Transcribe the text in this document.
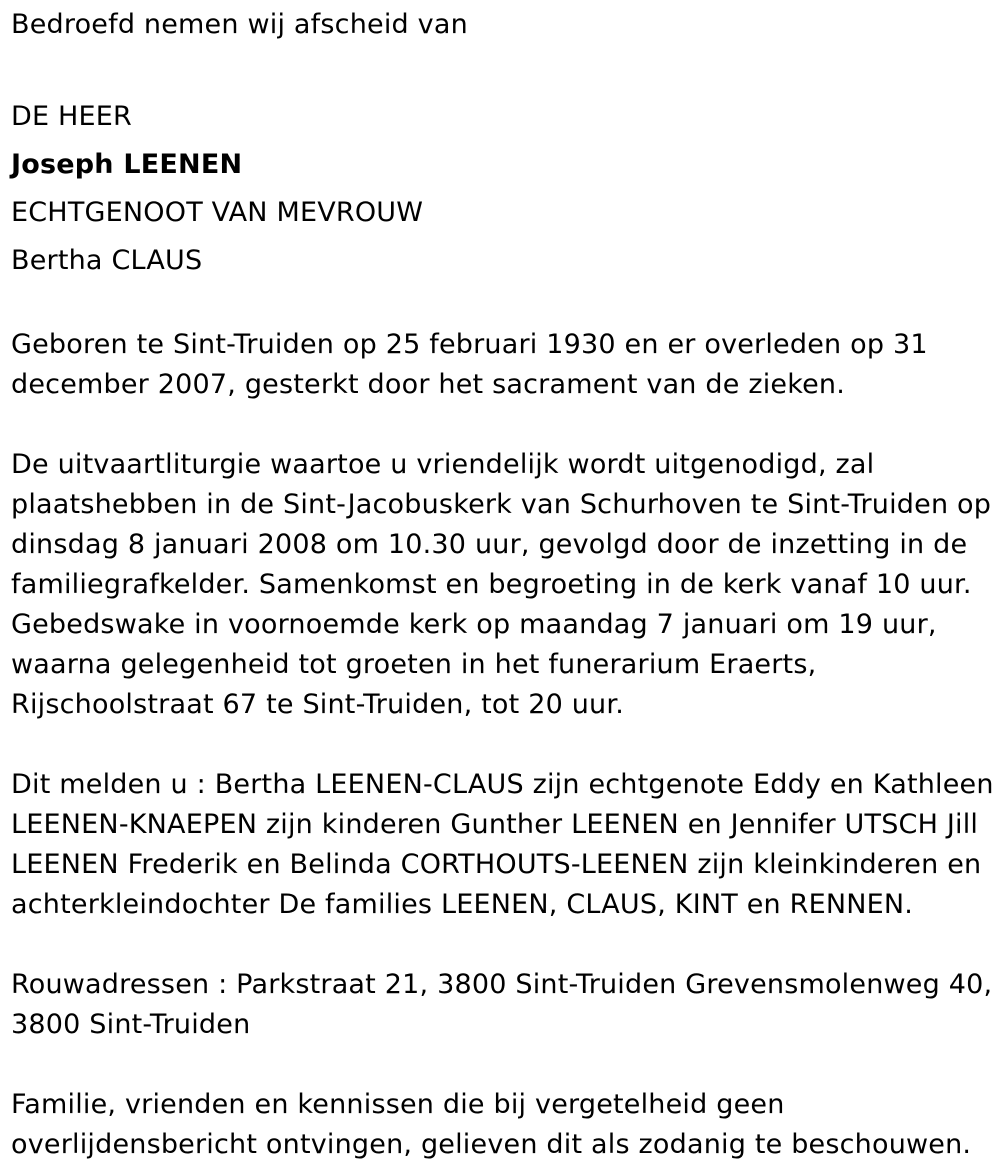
Bedroefd nemen wij afscheid van

DE HEER

Joseph LEENEN

ECHTGENOOT VAN MEVROUW

Bertha CLAUS

Geboren te Sint-Truiden op 25 februari 1930 en er overleden op 31
december 2007, gesterkt door het sacrament van de zieken.
De uitvaartliturgie waartoe u vriendelijk wordt uitgenodigd, zal
plaatshebben in de Sint-Jacobuskerk van Schurhoven te Sint-Truiden op
dinsdag 8 januari 2008 om 10.30 uur, gevolgd door de inzetting in de
familiegrafkelder. Samenkomst en begroeting in de kerk vanaf 10 uur.
Gebedswake in voornoemde kerk op maandag 7 januari om 19 uur,
waarna gelegenheid tot groeten in het funerarium Eraerts,
Rijschoolstraat 67 te Sint-Truiden, tot 20 uur.
Dit melden u : Bertha LEENEN-CLAUS zijn echtgenote Eddy en Kathleen
LEENEN-KNAEPEN zijn kinderen Gunther LEENEN en Jennifer UTSCH Jill
LEENEN Frederik en Belinda CORTHOUTS-LEENEN zijn kleinkinderen en
achterkleindochter De families LEENEN, CLAUS, KINT en RENNEN.
Rouwadressen : Parkstraat 21, 3800 Sint-Truiden Grevensmolenweg 40,
3800 Sint-Truiden
Familie, vrienden en kennissen die bij vergetelheid geen
overlijdensbericht ontvingen, gelieven dit als zodanig te beschouwen.
